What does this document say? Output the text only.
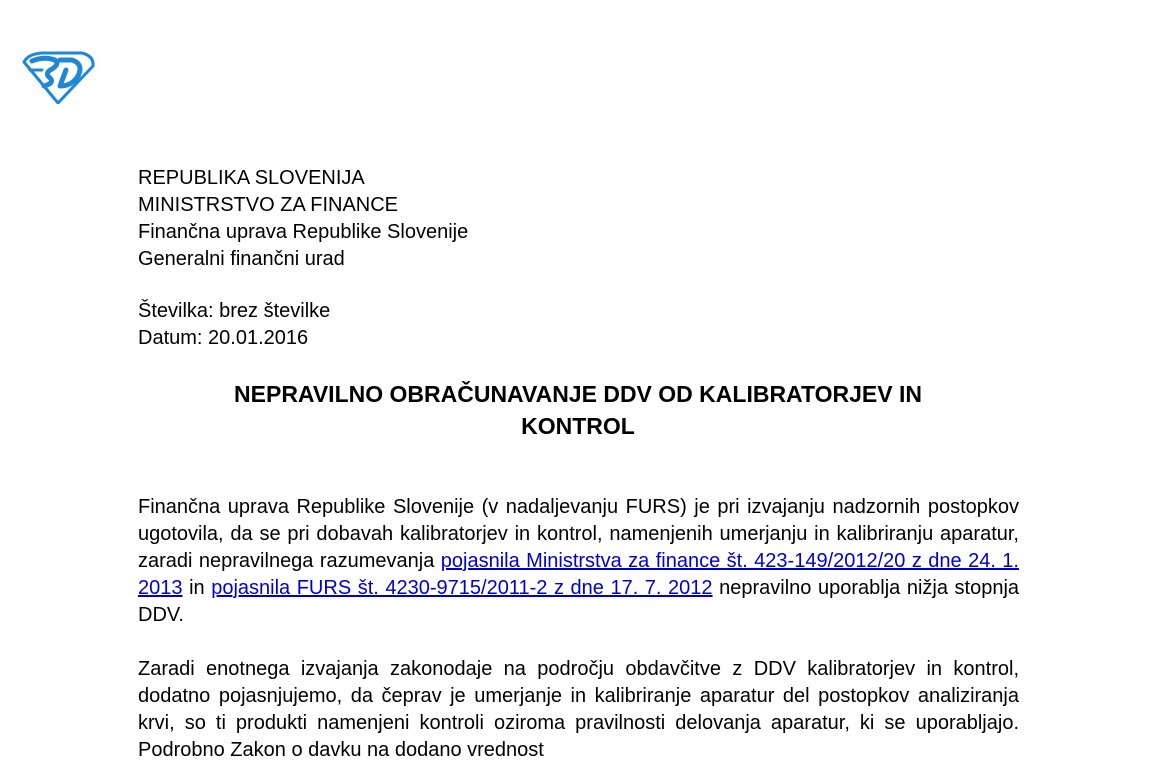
REPUBLIKA SLOVENIJA
MINISTRSTVO ZA FINANCE
Finančna uprava Republike Slovenije
Generalni finančni urad
Številka: brez številke
Datum: 20.01.2016
NEPRAVILNO OBRAČUNAVANJE DDV OD KALIBRATORJEV IN
KONTROL

Finančna uprava Republike Slovenije (v nadaljevanju FURS) je pri izvajanju nadzornih postopkov ugotovila, da se pri dobavah kalibratorjev in kontrol, namenjenih umerjanju in kalibriranju aparatur, zaradi nepravilnega razumevanja pojasnila Ministrstva za finance št. 423-149/2012/20 z dne 24. 1. 2013 in pojasnila FURS št. 4230-9715/2011-2 z dne 17. 7. 2012 nepravilno uporablja nižja stopnja DDV.

Zaradi enotnega izvajanja zakonodaje na področju obdavčitve z DDV kalibratorjev in kontrol, dodatno pojasnjujemo, da čeprav je umerjanje in kalibriranje aparatur del postopkov analiziranja krvi, so ti produkti namenjeni kontroli oziroma pravilnosti delovanja aparatur, ki se uporabljajo. Podrobno Zakon o davku na dodano vrednost
